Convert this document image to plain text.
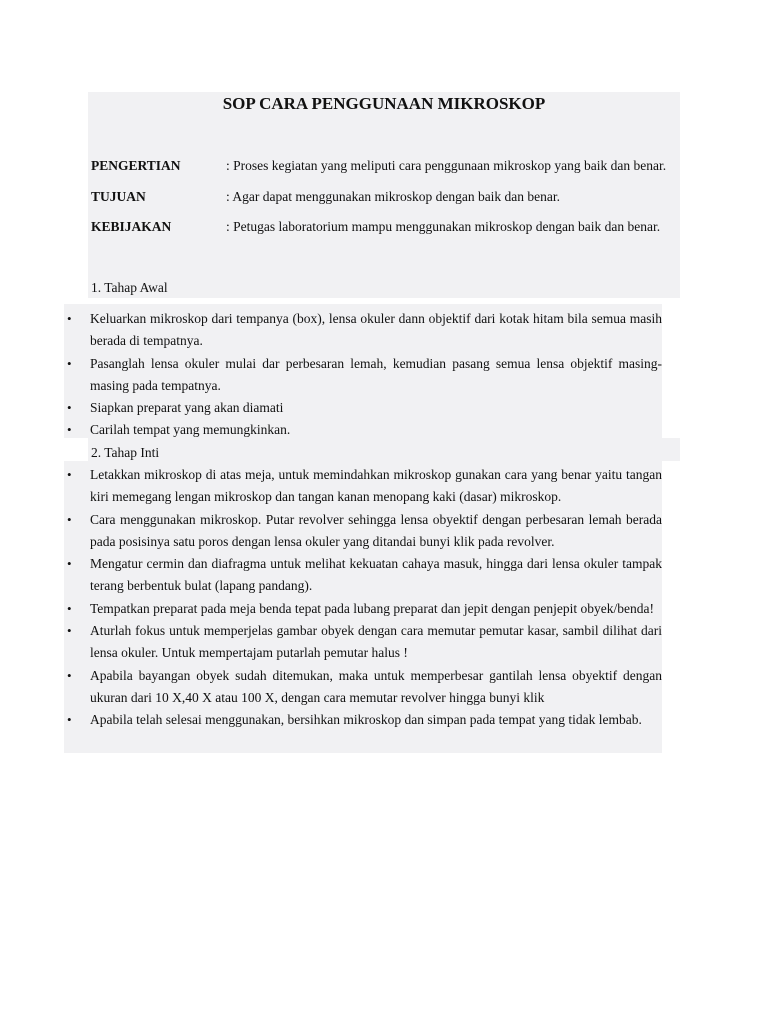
SOP CARA PENGGUNAAN MIKROSKOP
PENGERTIAN	: Proses kegiatan yang meliputi cara penggunaan mikroskop yang baik dan benar.
TUJUAN	: Agar dapat menggunakan mikroskop dengan baik dan benar.
KEBIJAKAN	: Petugas laboratorium mampu menggunakan mikroskop dengan baik dan benar.
1. Tahap Awal
• Keluarkan mikroskop dari tempanya (box), lensa okuler dann objektif dari kotak hitam bila semua masih berada di tempatnya.
• Pasanglah lensa okuler mulai dar perbesaran lemah, kemudian pasang semua lensa objektif masing-masing pada tempatnya.
• Siapkan preparat yang akan diamati
• Carilah tempat yang memungkinkan.
2. Tahap Inti
• Letakkan mikroskop di atas meja, untuk memindahkan mikroskop gunakan cara yang benar yaitu tangan kiri memegang lengan mikroskop dan tangan kanan menopang kaki (dasar) mikroskop.
• Cara menggunakan mikroskop. Putar revolver sehingga lensa obyektif dengan perbesaran lemah berada pada posisinya satu poros dengan lensa okuler yang ditandai bunyi klik pada revolver.
• Mengatur cermin dan diafragma untuk melihat kekuatan cahaya masuk, hingga dari lensa okuler tampak terang berbentuk bulat (lapang pandang).
• Tempatkan preparat pada meja benda tepat pada lubang preparat dan jepit dengan penjepit obyek/benda!
• Aturlah fokus untuk memperjelas gambar obyek dengan cara memutar pemutar kasar, sambil dilihat dari lensa okuler. Untuk mempertajam putarlah pemutar halus !
• Apabila bayangan obyek sudah ditemukan, maka untuk memperbesar gantilah lensa obyektif dengan ukuran dari 10 X,40 X atau 100 X, dengan cara memutar revolver hingga bunyi klik
• Apabila telah selesai menggunakan, bersihkan mikroskop dan simpan pada tempat yang tidak lembab.
